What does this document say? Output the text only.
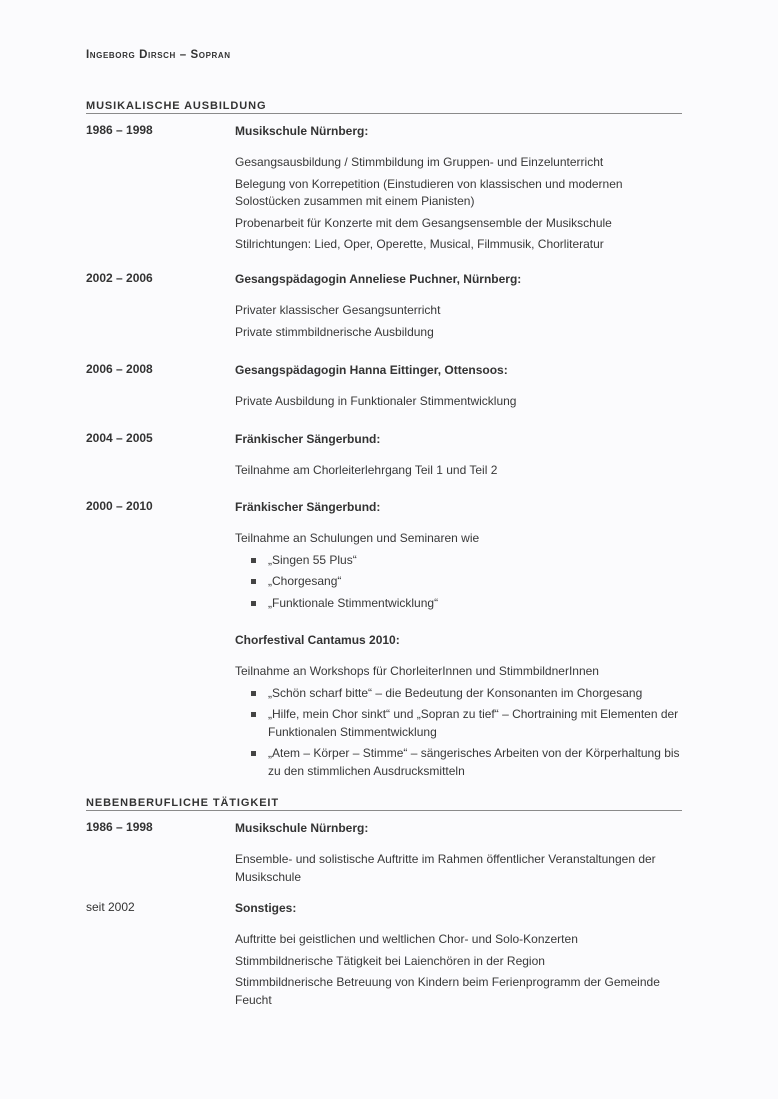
Ingeborg Dirsch – Sopran
MUSIKALISCHE AUSBILDUNG
1986 – 1998	Musikschule Nürnberg:
Gesangsausbildung / Stimmbildung im Gruppen- und Einzelunterricht
Belegung von Korrepetition (Einstudieren von klassischen und modernen Solostücken zusammen mit einem Pianisten)
Probenarbeit für Konzerte mit dem Gesangsensemble der Musikschule
Stilrichtungen: Lied, Oper, Operette, Musical, Filmmusik, Chorliteratur
2002 – 2006	Gesangspädagogin Anneliese Puchner, Nürnberg:
Privater klassischer Gesangsunterricht
Private stimmbildnerische Ausbildung
2006 – 2008	Gesangspädagogin Hanna Eittinger, Ottensoos:
Private Ausbildung in Funktionaler Stimmentwicklung
2004 – 2005	Fränkischer Sängerbund:
Teilnahme am Chorleiterlehrgang Teil 1 und Teil 2
2000 – 2010	Fränkischer Sängerbund:
Teilnahme an Schulungen und Seminaren wie
„Singen 55 Plus“
„Chorgesang“
„Funktionale Stimmentwicklung“
Chorfestival Cantamus 2010:
Teilnahme an Workshops für ChorleiterInnen und StimmbildnerInnen
„Schön scharf bitte“ – die Bedeutung der Konsonanten im Chorgesang
„Hilfe, mein Chor sinkt“ und „Sopran zu tief“ – Chortraining mit Elementen der Funktionalen Stimmentwicklung
„Atem – Körper – Stimme“ – sängerisches Arbeiten von der Körperhaltung bis zu den stimmlichen Ausdrucksmitteln
NEBENBERUFLICHE TÄTIGKEIT
1986 – 1998	Musikschule Nürnberg:
Ensemble- und solistische Auftritte im Rahmen öffentlicher Veranstaltungen der Musikschule
seit 2002	Sonstiges:
Auftritte bei geistlichen und weltlichen Chor- und Solo-Konzerten
Stimmbildnerische Tätigkeit bei Laienchören in der Region
Stimmbildnerische Betreuung von Kindern beim Ferienprogramm der Gemeinde Feucht
